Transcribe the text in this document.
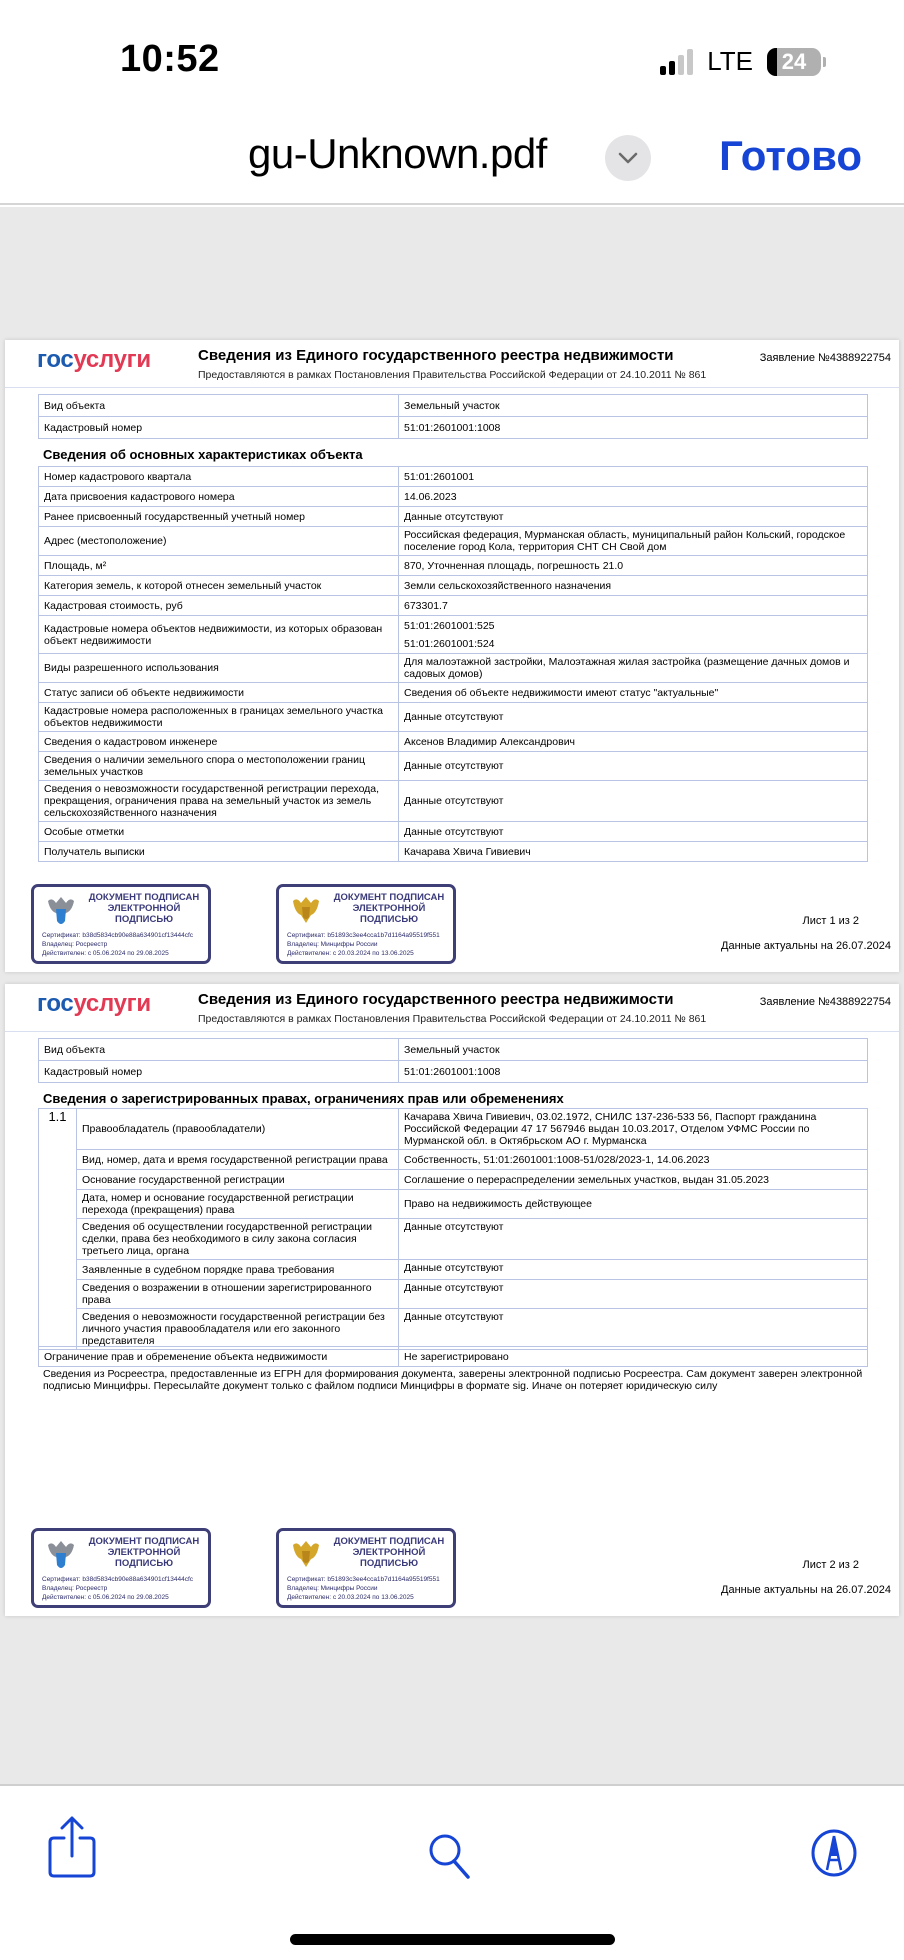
10:52	LTE 24
gu-Unknown.pdf	Готово
госуслуги	Сведения из Единого государственного реестра недвижимости
Предоставляются в рамках Постановления Правительства Российской Федерации от 24.10.2011 № 861
Заявление №4388922754
Вид объекта	Земельный участок
Кадастровый номер	51:01:2601001:1008
Сведения об основных характеристиках объекта
Номер кадастрового квартала	51:01:2601001
Дата присвоения кадастрового номера	14.06.2023
Ранее присвоенный государственный учетный номер	Данные отсутствуют
Адрес (местоположение)	Российская федерация, Мурманская область, муниципальный район Кольский, городское поселение город Кола, территория СНТ СН Свой дом
Площадь, м²	870, Уточненная площадь, погрешность 21.0
Категория земель, к которой отнесен земельный участок	Земли сельскохозяйственного назначения
Кадастровая стоимость, руб	673301.7
Кадастровые номера объектов недвижимости, из которых образован объект недвижимости	51:01:2601001:525
51:01:2601001:524

Виды разрешенного использования	Для малоэтажной застройки, Малоэтажная жилая застройка (размещение дачных домов и садовых домов)
Статус записи об объекте недвижимости	Сведения об объекте недвижимости имеют статус "актуальные"
Кадастровые номера расположенных в границах земельного участка объектов недвижимости	Данные отсутствуют
Сведения о кадастровом инженере	Аксенов Владимир Александрович
Сведения о наличии земельного спора о местоположении границ земельных участков	Данные отсутствуют
Сведения о невозможности государственной регистрации перехода, прекращения, ограничения права на земельный участок из земель сельскохозяйственного назначения	Данные отсутствуют
Особые отметки	Данные отсутствуют
Получатель выписки	Качарава Хвича Гивиевич
ДОКУМЕНТ ПОДПИСАН
ЭЛЕКТРОННОЙ
ПОДПИСЬЮ
Сертификат: b38d5834cb90e88a634901cf13444cfc
Владелец: Росреестр
Действителен: с 05.06.2024 по 29.08.2025
ДОКУМЕНТ ПОДПИСАН
ЭЛЕКТРОННОЙ
ПОДПИСЬЮ
Сертификат: b51893c3ee4cca1b7d1164a95519f551
Владелец: Минцифры России
Действителен: с 20.03.2024 по 13.06.2025
Лист 1 из 2
Данные актуальны на 26.07.2024
госуслуги	Сведения из Единого государственного реестра недвижимости
Предоставляются в рамках Постановления Правительства Российской Федерации от 24.10.2011 № 861
Заявление №4388922754
Вид объекта	Земельный участок
Кадастровый номер	51:01:2601001:1008
Сведения о зарегистрированных правах, ограничениях прав или обременениях
1.1	Правообладатель (правообладатели)	Качарава Хвича Гивиевич, 03.02.1972, СНИЛС 137-236-533 56, Паспорт гражданина Российской Федерации 47 17 567946 выдан 10.03.2017, Отделом УФМС России по Мурманской обл. в Октябрьском АО г. Мурманска
	Вид, номер, дата и время государственной регистрации права	Собственность, 51:01:2601001:1008-51/028/2023-1, 14.06.2023
	Основание государственной регистрации	Соглашение о перераспределении земельных участков, выдан 31.05.2023
	Дата, номер и основание государственной регистрации перехода (прекращения) права	Право на недвижимость действующее
	Сведения об осуществлении государственной регистрации сделки, права без необходимого в силу закона согласия третьего лица, органа	Данные отсутствуют
	Заявленные в судебном порядке права требования	Данные отсутствуют
	Сведения о возражении в отношении зарегистрированного права	Данные отсутствуют
	Сведения о невозможности государственной регистрации без личного участия правообладателя или его законного представителя	Данные отсутствуют
Ограничение прав и обременение объекта недвижимости	Не зарегистрировано
Сведения из Росреестра, предоставленные из ЕГРН для формирования документа, заверены электронной подписью Росреестра. Сам документ заверен электронной подписью Минцифры. Пересылайте документ только с файлом подписи Минцифры в формате sig. Иначе он потеряет юридическую силу
ДОКУМЕНТ ПОДПИСАН
ЭЛЕКТРОННОЙ
ПОДПИСЬЮ
Сертификат: b38d5834cb90e88a634901cf13444cfc
Владелец: Росреестр
Действителен: с 05.06.2024 по 29.08.2025
ДОКУМЕНТ ПОДПИСАН
ЭЛЕКТРОННОЙ
ПОДПИСЬЮ
Сертификат: b51893c3ee4cca1b7d1164a95519f551
Владелец: Минцифры России
Действителен: с 20.03.2024 по 13.06.2025
Лист 2 из 2
Данные актуальны на 26.07.2024
